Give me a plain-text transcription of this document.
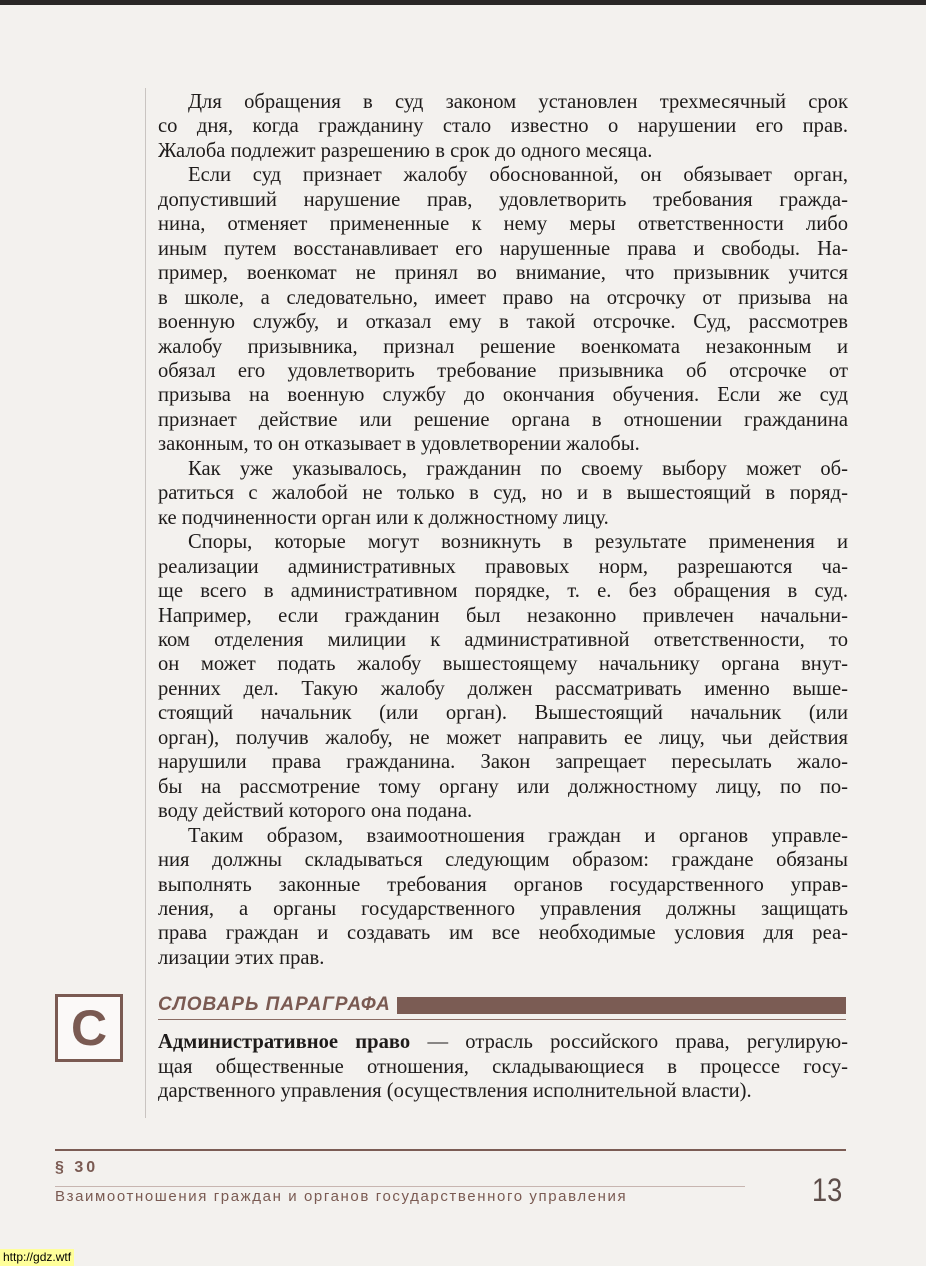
Для обращения в суд законом установлен трехмесячный срок
со дня, когда гражданину стало известно о нарушении его прав.
Жалоба подлежит разрешению в срок до одного месяца.

Если суд признает жалобу обоснованной, он обязывает орган,
допустивший нарушение прав, удовлетворить требования гражда-
нина, отменяет примененные к нему меры ответственности либо
иным путем восстанавливает его нарушенные права и свободы. На-
пример, военкомат не принял во внимание, что призывник учится
в школе, а следовательно, имеет право на отсрочку от призыва на
военную службу, и отказал ему в такой отсрочке. Суд, рассмотрев
жалобу призывника, признал решение военкомата незаконным и
обязал его удовлетворить требование призывника об отсрочке от
призыва на военную службу до окончания обучения. Если же суд
признает действие или решение органа в отношении гражданина
законным, то он отказывает в удовлетворении жалобы.

Как уже указывалось, гражданин по своему выбору может об-
ратиться с жалобой не только в суд, но и в вышестоящий в поряд-
ке подчиненности орган или к должностному лицу.

Споры, которые могут возникнуть в результате применения и
реализации административных правовых норм, разрешаются ча-
ще всего в административном порядке, т. е. без обращения в суд.
Например, если гражданин был незаконно привлечен начальни-
ком отделения милиции к административной ответственности, то
он может подать жалобу вышестоящему начальнику органа внут-
ренних дел. Такую жалобу должен рассматривать именно выше-
стоящий начальник (или орган). Вышестоящий начальник (или
орган), получив жалобу, не может направить ее лицу, чьи действия
нарушили права гражданина. Закон запрещает пересылать жало-
бы на рассмотрение тому органу или должностному лицу, по по-
воду действий которого она подана.

Таким образом, взаимоотношения граждан и органов управле-
ния должны складываться следующим образом: граждане обязаны
выполнять законные требования органов государственного управ-
ления, а органы государственного управления должны защищать
права граждан и создавать им все необходимые условия для реа-
лизации этих прав.

С	СЛОВАРЬ ПАРАГРАФА

Административное право — отрасль российского права, регулирую-
щая общественные отношения, складывающиеся в процессе госу-
дарственного управления (осуществления исполнительной власти).

§ 30
Взаимоотношения граждан и органов государственного управления	13
http://gdz.wtf
